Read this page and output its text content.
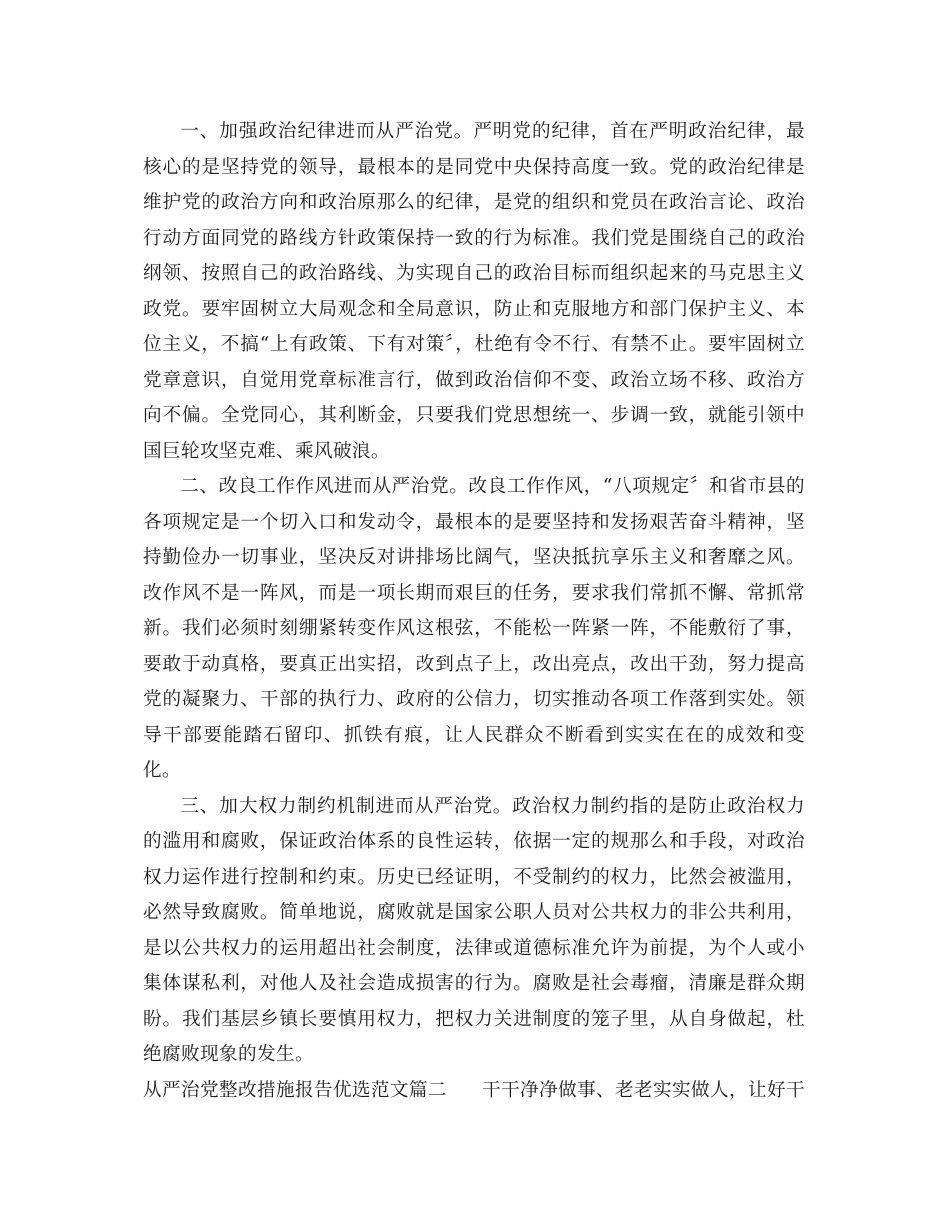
一、加强政治纪律进而从严治党。严明党的纪律，首在严明政治纪律，最核心的是坚持党的领导，最根本的是同党中央保持高度一致。党的政治纪律是维护党的政治方向和政治原那么的纪律，是党的组织和党员在政治言论、政治行动方面同党的路线方针政策保持一致的行为标准。我们党是围绕自己的政治纲领、按照自己的政治路线、为实现自己的政治目标而组织起来的马克思主义政党。要牢固树立大局观念和全局意识，防止和克服地方和部门保护主义、本位主义，不搞“上有政策、下有对策〞，杜绝有令不行、有禁不止。要牢固树立党章意识，自觉用党章标准言行，做到政治信仰不变、政治立场不移、政治方向不偏。全党同心，其利断金，只要我们党思想统一、步调一致，就能引领中国巨轮攻坚克难、乘风破浪。

二、改良工作作风进而从严治党。改良工作作风，“八项规定〞和省市县的各项规定是一个切入口和发动令，最根本的是要坚持和发扬艰苦奋斗精神，坚持勤俭办一切事业，坚决反对讲排场比阔气，坚决抵抗享乐主义和奢靡之风。改作风不是一阵风，而是一项长期而艰巨的任务，要求我们常抓不懈、常抓常新。我们必须时刻绷紧转变作风这根弦，不能松一阵紧一阵，不能敷衍了事，要敢于动真格，要真正出实招，改到点子上，改出亮点，改出干劲，努力提高党的凝聚力、干部的执行力、政府的公信力，切实推动各项工作落到实处。领导干部要能踏石留印、抓铁有痕，让人民群众不断看到实实在在的成效和变化。

三、加大权力制约机制进而从严治党。政治权力制约指的是防止政治权力的滥用和腐败，保证政治体系的良性运转，依据一定的规那么和手段，对政治权力运作进行控制和约束。历史已经证明，不受制约的权力，比然会被滥用，必然导致腐败。简单地说，腐败就是国家公职人员对公共权力的非公共利用，是以公共权力的运用超出社会制度，法律或道德标准允许为前提，为个人或小集体谋私利，对他人及社会造成损害的行为。腐败是社会毒瘤，清廉是群众期盼。我们基层乡镇长要慎用权力，把权力关进制度的笼子里，从自身做起，杜绝腐败现象的发生。

从严治党整改措施报告优选范文篇二 干干净净做事、老老实实做人，让好干
